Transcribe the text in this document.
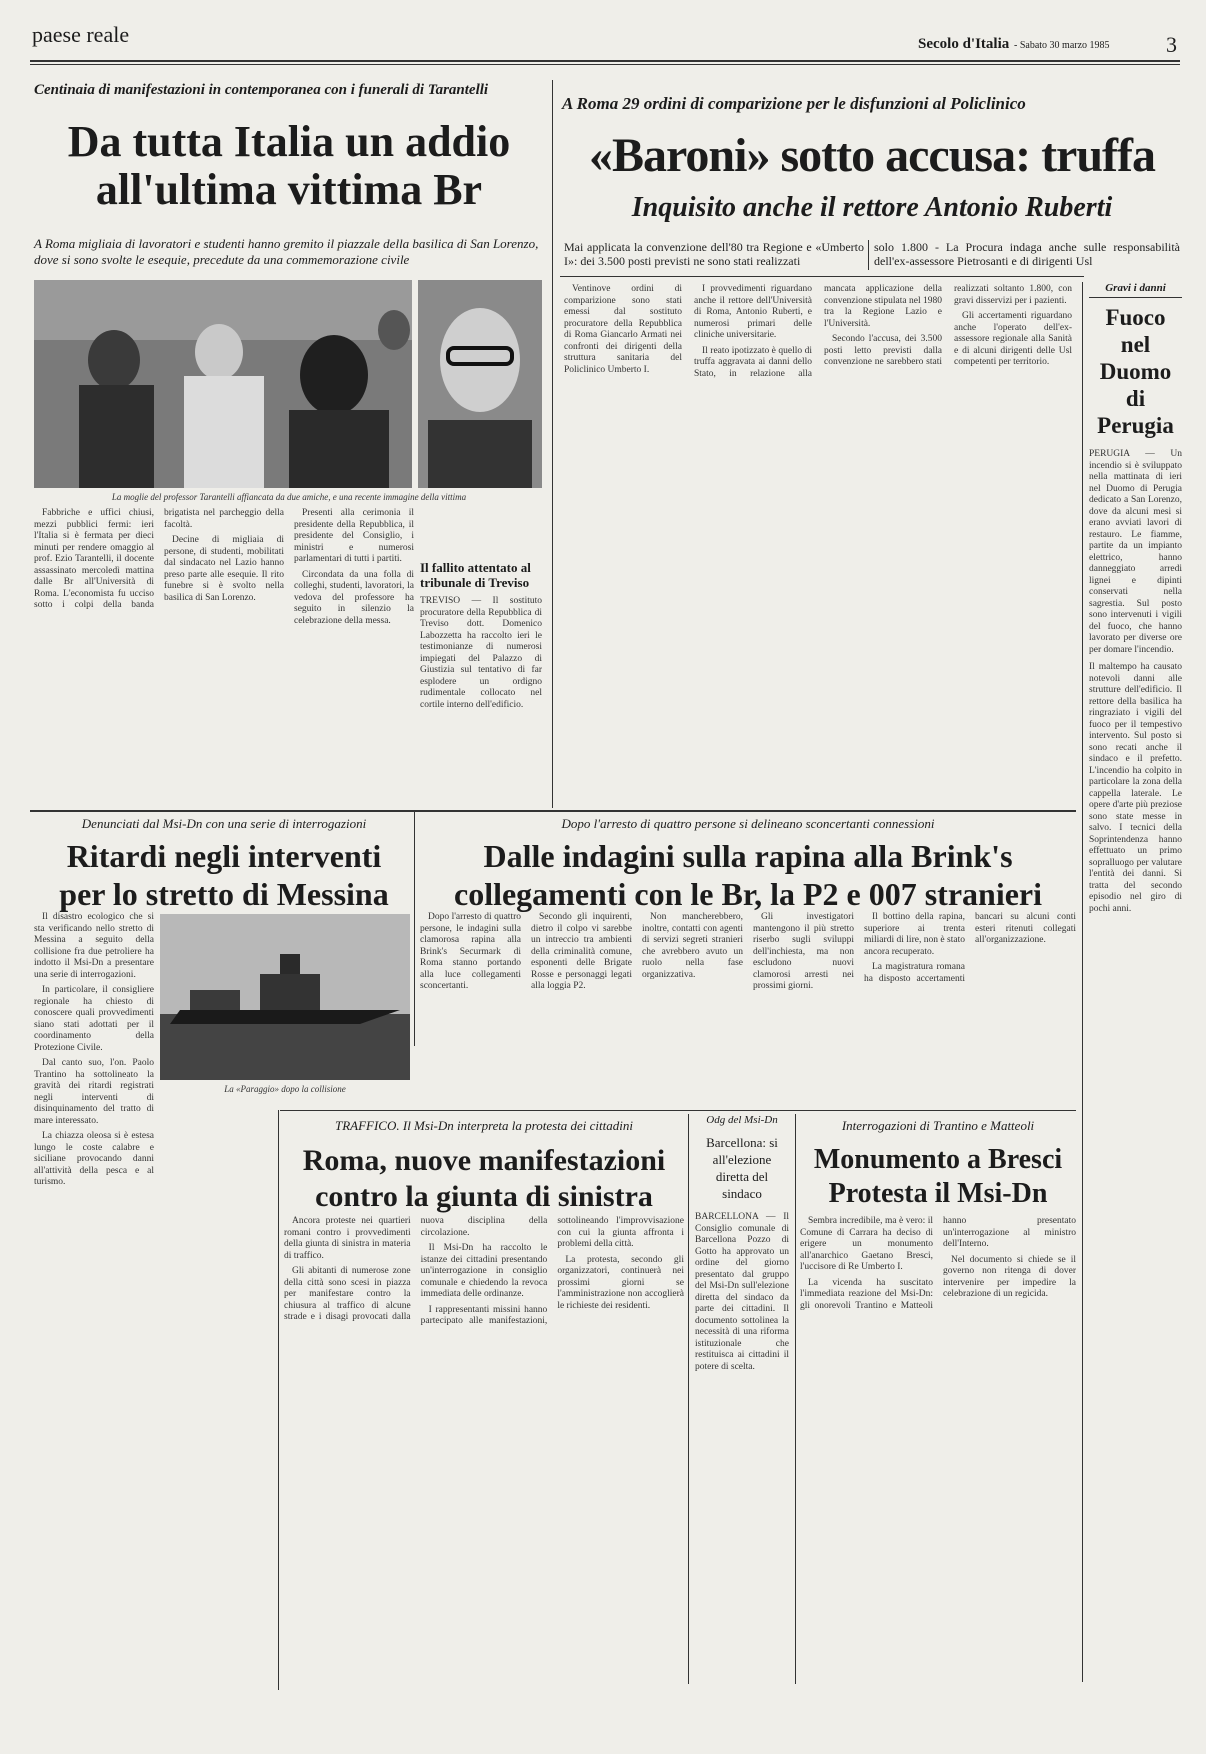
paese reale	Secolo d'Italia - Sabato 30 marzo 1985	3
Centinaia di manifestazioni in contemporanea con i funerali di Tarantelli
Da tutta Italia un addio
all'ultima vittima Br
A Roma migliaia di lavoratori e studenti hanno gremito il piazzale della basilica di San Lorenzo, dove si sono svolte le esequie, precedute da una commemorazione civile
La moglie del professor Tarantelli affiancata da due amiche, e una recente immagine della vittima

Fabbriche e uffici chiusi, mezzi pubblici fermi: ieri l'Italia si è fermata per dieci minuti per rendere omaggio al prof. Ezio Tarantelli, il docente assassinato mercoledì mattina dalle Br all'Università di Roma. L'economista fu ucciso sotto i colpi della banda brigatista nel parcheggio della facoltà.

Decine di migliaia di persone, di studenti, mobilitati dal sindacato nel Lazio hanno preso parte alle esequie. Il rito funebre si è svolto nella basilica di San Lorenzo.

Presenti alla cerimonia il presidente della Repubblica, il presidente del Consiglio, i ministri e numerosi parlamentari di tutti i partiti.

Circondata da una folla di colleghi, studenti, lavoratori, la vedova del professore ha seguito in silenzio la celebrazione della messa.

Il fallito attentato al tribunale di Treviso
TREVISO — Il sostituto procuratore della Repubblica di Treviso dott. Domenico Labozzetta ha raccolto ieri le testimonianze di numerosi impiegati del Palazzo di Giustizia sul tentativo di far esplodere un ordigno rudimentale collocato nel cortile interno dell'edificio.
A Roma 29 ordini di comparizione per le disfunzioni al Policlinico
«Baroni» sotto accusa: truffa
Inquisito anche il rettore Antonio Ruberti
Mai applicata la convenzione dell'80 tra Regione e «Umberto I»: dei 3.500 posti previsti ne sono stati realizzati
solo 1.800 - La Procura indaga anche sulle responsabilità dell'ex-assessore Pietrosanti e di dirigenti Usl

Ventinove ordini di comparizione sono stati emessi dal sostituto procuratore della Repubblica di Roma Giancarlo Armati nei confronti dei dirigenti della struttura sanitaria del Policlinico Umberto I.

I provvedimenti riguardano anche il rettore dell'Università di Roma, Antonio Ruberti, e numerosi primari delle cliniche universitarie.

Il reato ipotizzato è quello di truffa aggravata ai danni dello Stato, in relazione alla mancata applicazione della convenzione stipulata nel 1980 tra la Regione Lazio e l'Università.

Secondo l'accusa, dei 3.500 posti letto previsti dalla convenzione ne sarebbero stati realizzati soltanto 1.800, con gravi disservizi per i pazienti.

Gli accertamenti riguardano anche l'operato dell'ex-assessore regionale alla Sanità e di alcuni dirigenti delle Usl competenti per territorio.

Gravi i danni
Fuoco nel Duomo di Perugia
PERUGIA — Un incendio si è sviluppato nella mattinata di ieri nel Duomo di Perugia dedicato a San Lorenzo, dove da alcuni mesi si erano avviati lavori di restauro. Le fiamme, partite da un impianto elettrico, hanno danneggiato arredi lignei e dipinti conservati nella sagrestia. Sul posto sono intervenuti i vigili del fuoco, che hanno lavorato per diverse ore per domare l'incendio.
Il maltempo ha causato notevoli danni alle strutture dell'edificio. Il rettore della basilica ha ringraziato i vigili del fuoco per il tempestivo intervento. Sul posto si sono recati anche il sindaco e il prefetto. L'incendio ha colpito in particolare la zona della cappella laterale. Le opere d'arte più preziose sono state messe in salvo. I tecnici della Soprintendenza hanno effettuato un primo sopralluogo per valutare l'entità dei danni. Si tratta del secondo episodio nel giro di pochi anni.
Denunciati dal Msi-Dn con una serie di interrogazioni
Ritardi negli interventi
per lo stretto di Messina

Il disastro ecologico che si sta verificando nello stretto di Messina a seguito della collisione fra due petroliere ha indotto il Msi-Dn a presentare una serie di interrogazioni.

In particolare, il consigliere regionale ha chiesto di conoscere quali provvedimenti siano stati adottati per il coordinamento della Protezione Civile.

Dal canto suo, l'on. Paolo Trantino ha sottolineato la gravità dei ritardi registrati negli interventi di disinquinamento del tratto di mare interessato.

La chiazza oleosa si è estesa lungo le coste calabre e siciliane provocando danni all'attività della pesca e al turismo.

La «Paraggio» dopo la collisione
Dopo l'arresto di quattro persone si delineano sconcertanti connessioni
Dalle indagini sulla rapina alla Brink's
collegamenti con le Br, la P2 e 007 stranieri

Dopo l'arresto di quattro persone, le indagini sulla clamorosa rapina alla Brink's Securmark di Roma stanno portando alla luce collegamenti sconcertanti.

Secondo gli inquirenti, dietro il colpo vi sarebbe un intreccio tra ambienti della criminalità comune, esponenti delle Brigate Rosse e personaggi legati alla loggia P2.

Non mancherebbero, inoltre, contatti con agenti di servizi segreti stranieri che avrebbero avuto un ruolo nella fase organizzativa.

Gli investigatori mantengono il più stretto riserbo sugli sviluppi dell'inchiesta, ma non escludono nuovi clamorosi arresti nei prossimi giorni.

Il bottino della rapina, superiore ai trenta miliardi di lire, non è stato ancora recuperato.

La magistratura romana ha disposto accertamenti bancari su alcuni conti esteri ritenuti collegati all'organizzazione.

TRAFFICO. Il Msi-Dn interpreta la protesta dei cittadini
Roma, nuove manifestazioni
contro la giunta di sinistra

Ancora proteste nei quartieri romani contro i provvedimenti della giunta di sinistra in materia di traffico.

Gli abitanti di numerose zone della città sono scesi in piazza per manifestare contro la chiusura al traffico di alcune strade e i disagi provocati dalla nuova disciplina della circolazione.

Il Msi-Dn ha raccolto le istanze dei cittadini presentando un'interrogazione in consiglio comunale e chiedendo la revoca immediata delle ordinanze.

I rappresentanti missini hanno partecipato alle manifestazioni, sottolineando l'improvvisazione con cui la giunta affronta i problemi della città.

La protesta, secondo gli organizzatori, continuerà nei prossimi giorni se l'amministrazione non accoglierà le richieste dei residenti.

Odg del Msi-Dn
Barcellona: si all'elezione diretta del sindaco
BARCELLONA — Il Consiglio comunale di Barcellona Pozzo di Gotto ha approvato un ordine del giorno presentato dal gruppo del Msi-Dn sull'elezione diretta del sindaco da parte dei cittadini. Il documento sottolinea la necessità di una riforma istituzionale che restituisca ai cittadini il potere di scelta.
Interrogazioni di Trantino e Matteoli
Monumento a Bresci
Protesta il Msi-Dn

Sembra incredibile, ma è vero: il Comune di Carrara ha deciso di erigere un monumento all'anarchico Gaetano Bresci, l'uccisore di Re Umberto I.

La vicenda ha suscitato l'immediata reazione del Msi-Dn: gli onorevoli Trantino e Matteoli hanno presentato un'interrogazione al ministro dell'Interno.

Nel documento si chiede se il governo non ritenga di dover intervenire per impedire la celebrazione di un regicida.
